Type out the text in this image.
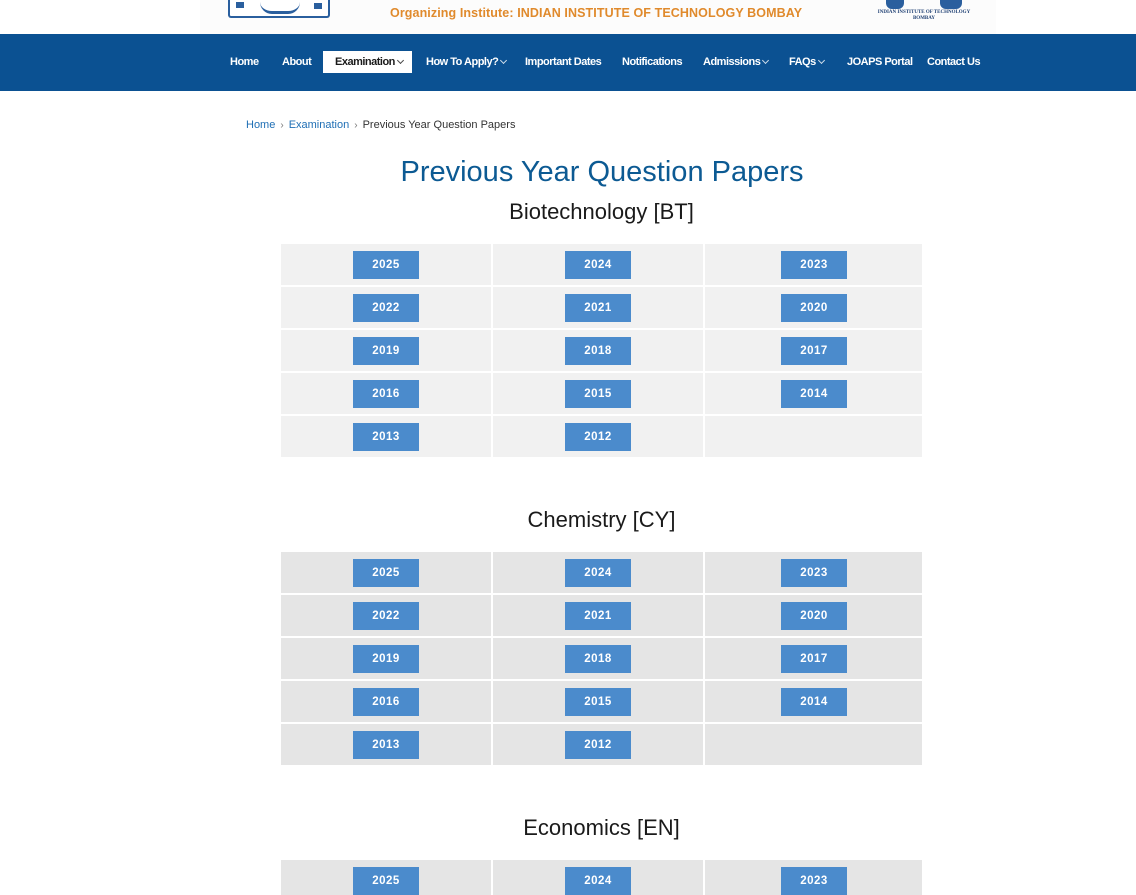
Organizing Institute: INDIAN INSTITUTE OF TECHNOLOGY BOMBAY	INDIAN INSTITUTE OF TECHNOLOGY BOMBAY
Home About	Examination	How To Apply?	Important Dates Notifications Admissions	FAQs	JOAPS Portal Contact Us
Home › Examination › Previous Year Question Papers
Previous Year Question Papers
Biotechnology [BT]
2025	2024	2023
2022	2021	2020
2019	2018	2017
2016	2015	2014
2013	2012
Chemistry [CY]
2025	2024	2023
2022	2021	2020
2019	2018	2017
2016	2015	2014
2013	2012
Economics [EN]
2025	2024	2023
